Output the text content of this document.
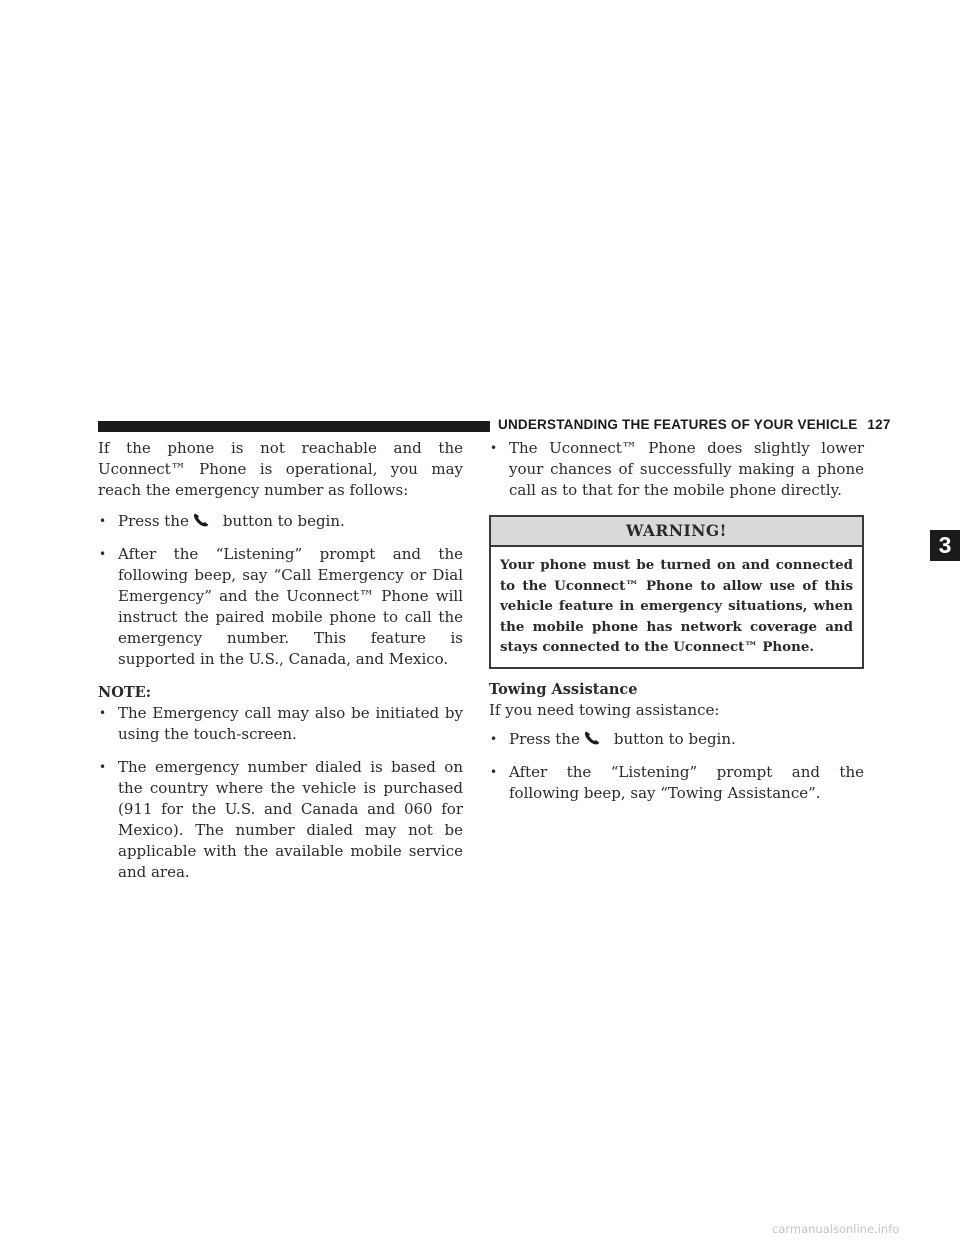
UNDERSTANDING THE FEATURES OF YOUR VEHICLE 127

If the phone is not reachable and the Uconnect™ Phone is operational, you may reach the emergency number as follows:

• Press the button to begin.
• After the “Listening” prompt and the following beep, say “Call Emergency or Dial Emergency” and the Uconnect™ Phone will instruct the paired mobile phone to call the emergency number. This feature is supported in the U.S., Canada, and Mexico.
NOTE:
• The Emergency call may also be initiated by using the touch-screen.
• The emergency number dialed is based on the country where the vehicle is purchased (911 for the U.S. and Canada and 060 for Mexico). The number dialed may not be applicable with the available mobile service and area.
• The Uconnect™ Phone does slightly lower your chances of successfully making a phone call as to that for the mobile phone directly.
WARNING!
Your phone must be turned on and connected to the Uconnect™ Phone to allow use of this vehicle feature in emergency situations, when the mobile phone has network coverage and stays connected to the Uconnect™ Phone.
Towing Assistance

If you need towing assistance:

• Press the button to begin.
• After the “Listening” prompt and the following beep, say “Towing Assistance”.
3
carmanualsonline.info
